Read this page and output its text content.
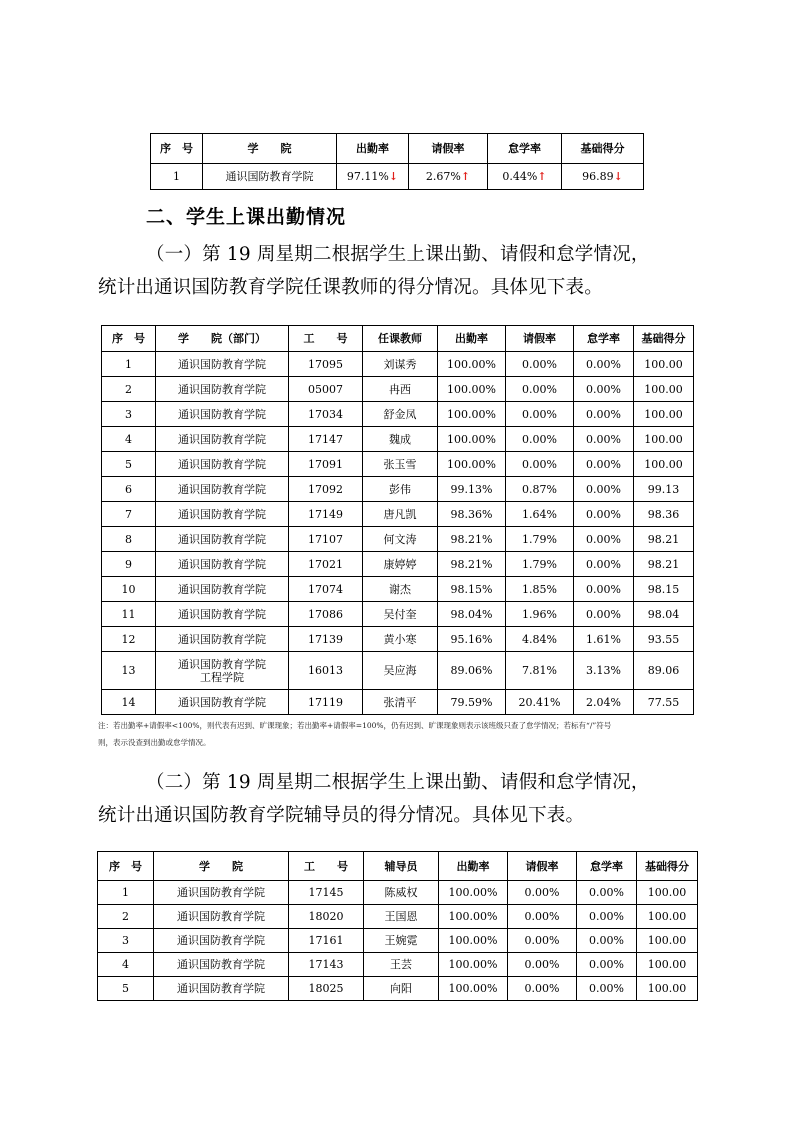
序　号	学　　院	出勤率	请假率	怠学率	基础得分
1	通识国防教育学院	97.11%↓	2.67%↑	0.44%↑	96.89↓
二、学生上课出勤情况

（一）第 19 周星期二根据学生上课出勤、请假和怠学情况，
统计出通识国防教育学院任课教师的得分情况。具体见下表。

序　号	学　　院（部门）	工　　号	任课教师	出勤率	请假率	怠学率	基础得分
1	通识国防教育学院	17095	刘谋秀	100.00%	0.00%	0.00%	100.00
2	通识国防教育学院	05007	冉西	100.00%	0.00%	0.00%	100.00
3	通识国防教育学院	17034	舒金凤	100.00%	0.00%	0.00%	100.00
4	通识国防教育学院	17147	魏成	100.00%	0.00%	0.00%	100.00
5	通识国防教育学院	17091	张玉雪	100.00%	0.00%	0.00%	100.00
6	通识国防教育学院	17092	彭伟	99.13%	0.87%	0.00%	99.13
7	通识国防教育学院	17149	唐凡凯	98.36%	1.64%	0.00%	98.36
8	通识国防教育学院	17107	何文涛	98.21%	1.79%	0.00%	98.21
9	通识国防教育学院	17021	康婷婷	98.21%	1.79%	0.00%	98.21
10	通识国防教育学院	17074	谢杰	98.15%	1.85%	0.00%	98.15
11	通识国防教育学院	17086	吴付奎	98.04%	1.96%	0.00%	98.04
12	通识国防教育学院	17139	黄小寒	95.16%	4.84%	1.61%	93.55
13	通识国防教育学院
工程学院	16013	吴应海	89.06%	7.81%	3.13%	89.06
14	通识国防教育学院	17119	张清平	79.59%	20.41%	2.04%	77.55
注：若出勤率+请假率<100%，则代表有迟到、旷课现象；若出勤率+请假率=100%，仍有迟到、旷课现象则表示该班级只查了怠学情况；若标有“/”符号
则，表示没查到出勤或怠学情况。

（二）第 19 周星期二根据学生上课出勤、请假和怠学情况，
统计出通识国防教育学院辅导员的得分情况。具体见下表。

序　号	学　　院	工　　号	辅导员	出勤率	请假率	怠学率	基础得分
1	通识国防教育学院	17145	陈威权	100.00%	0.00%	0.00%	100.00
2	通识国防教育学院	18020	王国恩	100.00%	0.00%	0.00%	100.00
3	通识国防教育学院	17161	王婉霓	100.00%	0.00%	0.00%	100.00
4	通识国防教育学院	17143	王芸	100.00%	0.00%	0.00%	100.00
5	通识国防教育学院	18025	向阳	100.00%	0.00%	0.00%	100.00
